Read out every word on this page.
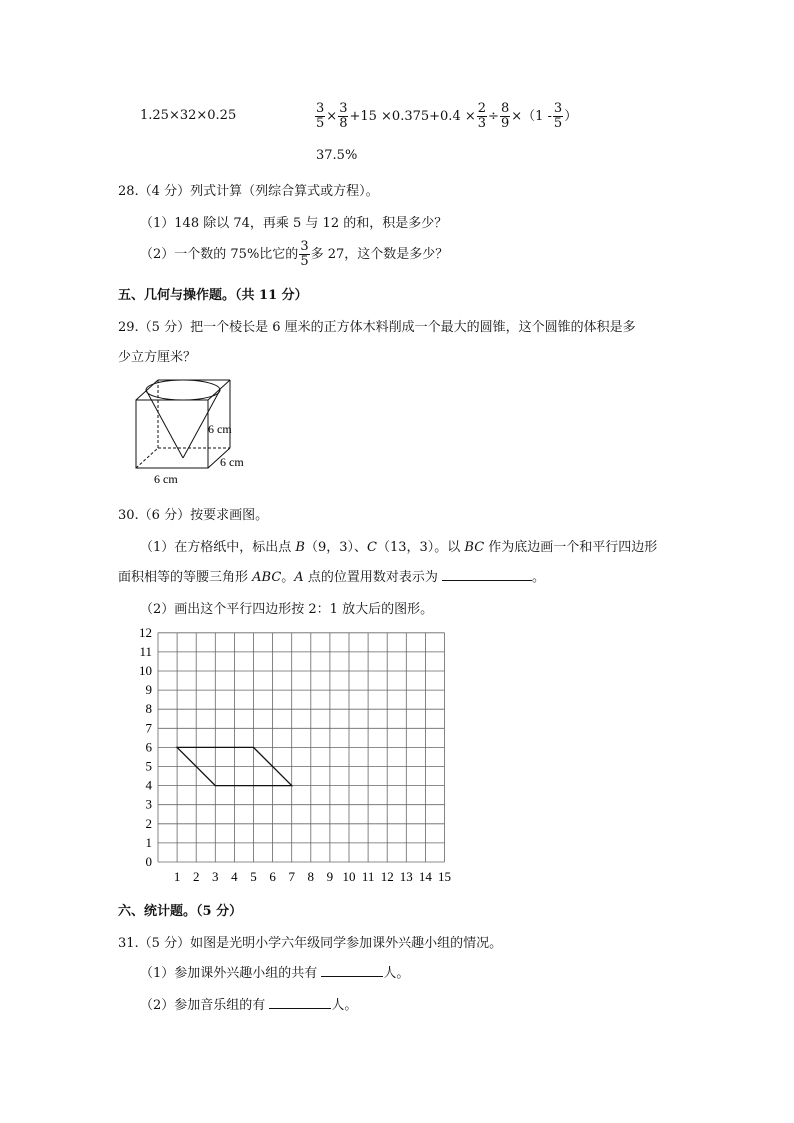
1.25×32×0.25	$\frac{3}{5} \times \frac{3}{8} +15 \times 0.375+0.4 \times \frac{2}{3} \div \frac{8}{9} \times(1 - \frac{3}{5}$ ）
37.5%
28.（4 分）列式计算（列综合算式或方程）。
（1）148 除以 74，再乘 5 与 12 的和，积是多少？
（2）一个数的 75%比它的 $\frac{3}{5}$ 多 27，这个数是多少？
五、几何与操作题。（共 11 分）
29.（5 分）把一个棱长是 6 厘米的正方体木料削成一个最大的圆锥，这个圆锥的体积是多
少立方厘米？
6 cm
6 cm
6 cm
30.（6 分）按要求画图。
（1）在方格纸中，标出点 B（9，3）、C（13，3）。以 BC 作为底边画一个和平行四边形
面积相等的等腰三角形 ABC。A 点的位置用数对表示为	。
（2）画出这个平行四边形按 2：1 放大后的图形。
1 2 3 4 5 6 7 8 9 10 11 12 13 14 15
0
1
2
3
4
5
6
7
8
9
10
11
12
六、统计题。（5 分）
31.（5 分）如图是光明小学六年级同学参加课外兴趣小组的情况。
（1）参加课外兴趣小组的共有	人。
（2）参加音乐组的有	人。
